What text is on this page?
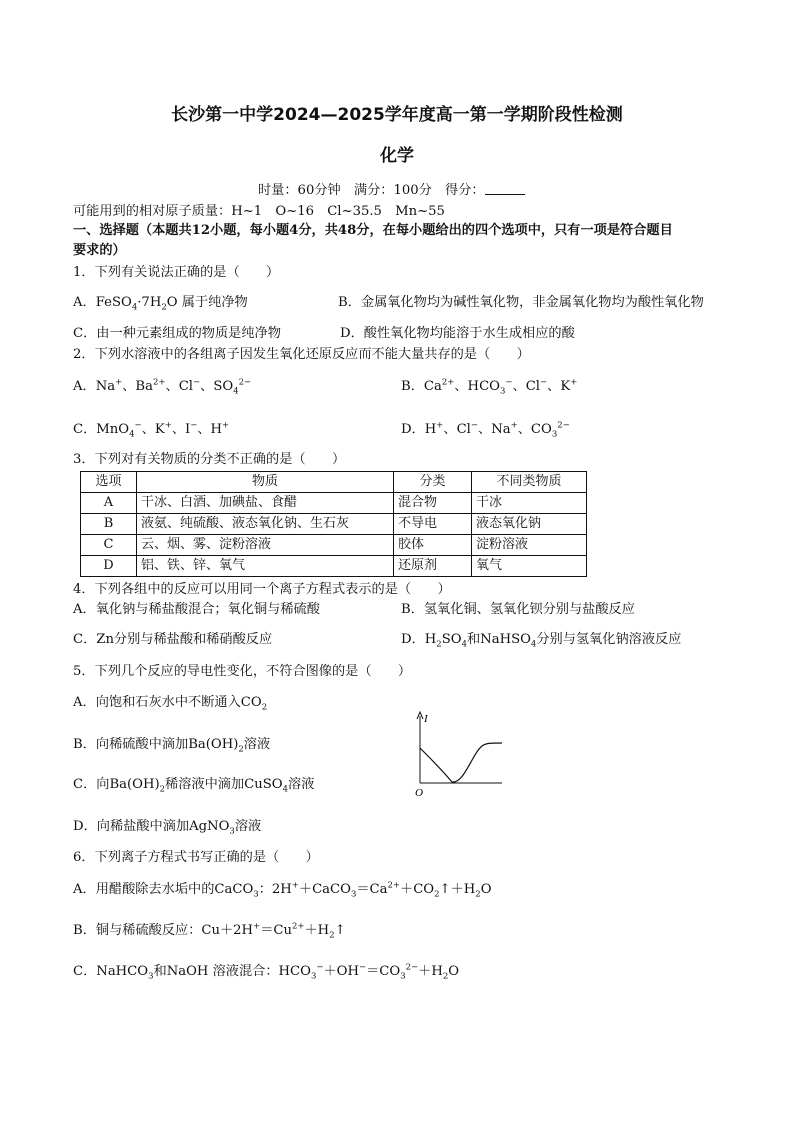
长沙第一中学2024—2025学年度高一第一学期阶段性检测
化学
时量：60分钟　满分：100分　得分：
可能用到的相对原子质量：H~1　O~16　Cl~35.5　Mn~55
一、选择题（本题共12小题，每小题4分，共48分，在每小题给出的四个选项中，只有一项是符合题目
要求的）
1．下列有关说法正确的是（　　）
A．$FeSO_4\cdot 7H_2O$ 属于纯净物	B．金属氧化物均为碱性氧化物，非金属氧化物均为酸性氧化物
C．由一种元素组成的物质是纯净物	D．酸性氧化物均能溶于水生成相应的酸
2．下列水溶液中的各组离子因发生氧化还原反应而不能大量共存的是（　　）
A．Na+、$Ba^{2+}$、Cl−、$SO_4^{2-}$	B．$Ca^{2+}$、$HCO_3^-$、Cl−、K+
C．MnO$_4$−、K+、I−、H+	D．H+、Cl−、Na+、$CO_3^{2-}$
3．下列对有关物质的分类不正确的是（　　）
选项	物质	分类	不同类物质
A	干冰、白酒、加碘盐、食醋	混合物	干冰
B	液氨、纯硫酸、液态氧化钠、生石灰	不导电	液态氧化钠
C	云、烟、雾、淀粉溶液	胶体	淀粉溶液
D	铝、铁、锌、氧气	还原剂	氧气
4．下列各组中的反应可以用同一个离子方程式表示的是（　　）
A．氧化钠与稀盐酸混合；氧化铜与稀硫酸	B．氢氧化铜、氢氧化钡分别与盐酸反应
C．Zn分别与稀盐酸和稀硝酸反应	D．$H_2SO_4$和NaHSO$_4$分别与氢氧化钠溶液反应
5．下列几个反应的导电性变化，不符合图像的是（　　）
A．向饱和石灰水中不断通入$CO_2$
B．向稀硫酸中滴加$Ba(OH)_2$溶液
C．向$Ba(OH)_2$稀溶液中滴加CuSO$_4$溶液
D．向稀盐酸中滴加AgNO$_3$溶液
I
O
6．下列离子方程式书写正确的是（　　）
A．用醋酸除去水垢中的CaCO$_3$：$2H^++CaCO_3=Ca^{2+}+CO_2↑+H_2O$
B．铜与稀硫酸反应：$Cu+2H^+=Cu^{2+}+H_2↑$
C．NaHCO$_3$和NaOH 溶液混合：$HCO_3^-+OH^-=CO_3^{2-}+H_2O$
